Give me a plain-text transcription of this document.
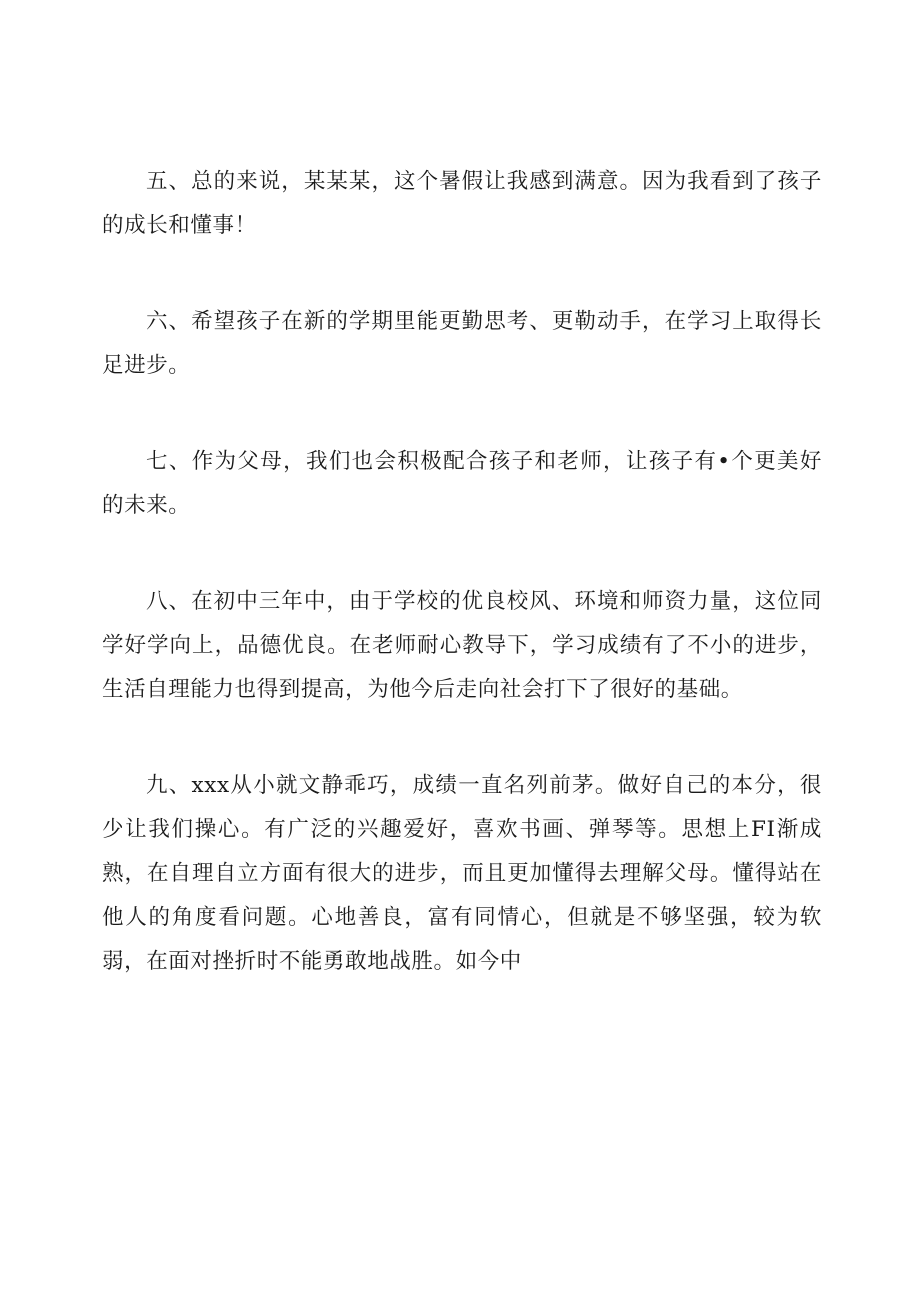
五、总的来说，某某某，这个暑假让我感到满意。因为我看到了孩子的成长和懂事！

六、希望孩子在新的学期里能更勤思考、更勒动手，在学习上取得长足进步。

七、作为父母，我们也会积极配合孩子和老师，让孩子有•个更美好的未来。

八、在初中三年中，由于学校的优良校风、环境和师资力量，这位同学好学向上，品德优良。在老师耐心教导下，学习成绩有了不小的进步，生活自理能力也得到提高，为他今后走向社会打下了很好的基础。

九、xxx从小就文静乖巧，成绩一直名列前茅。做好自己的本分，很少让我们操心。有广泛的兴趣爱好，喜欢书画、弹琴等。思想上FI渐成熟，在自理自立方面有很大的进步，而且更加懂得去理解父母。懂得站在他人的角度看问题。心地善良，富有同情心，但就是不够坚强，较为软弱，在面对挫折时不能勇敢地战胜。如今中
